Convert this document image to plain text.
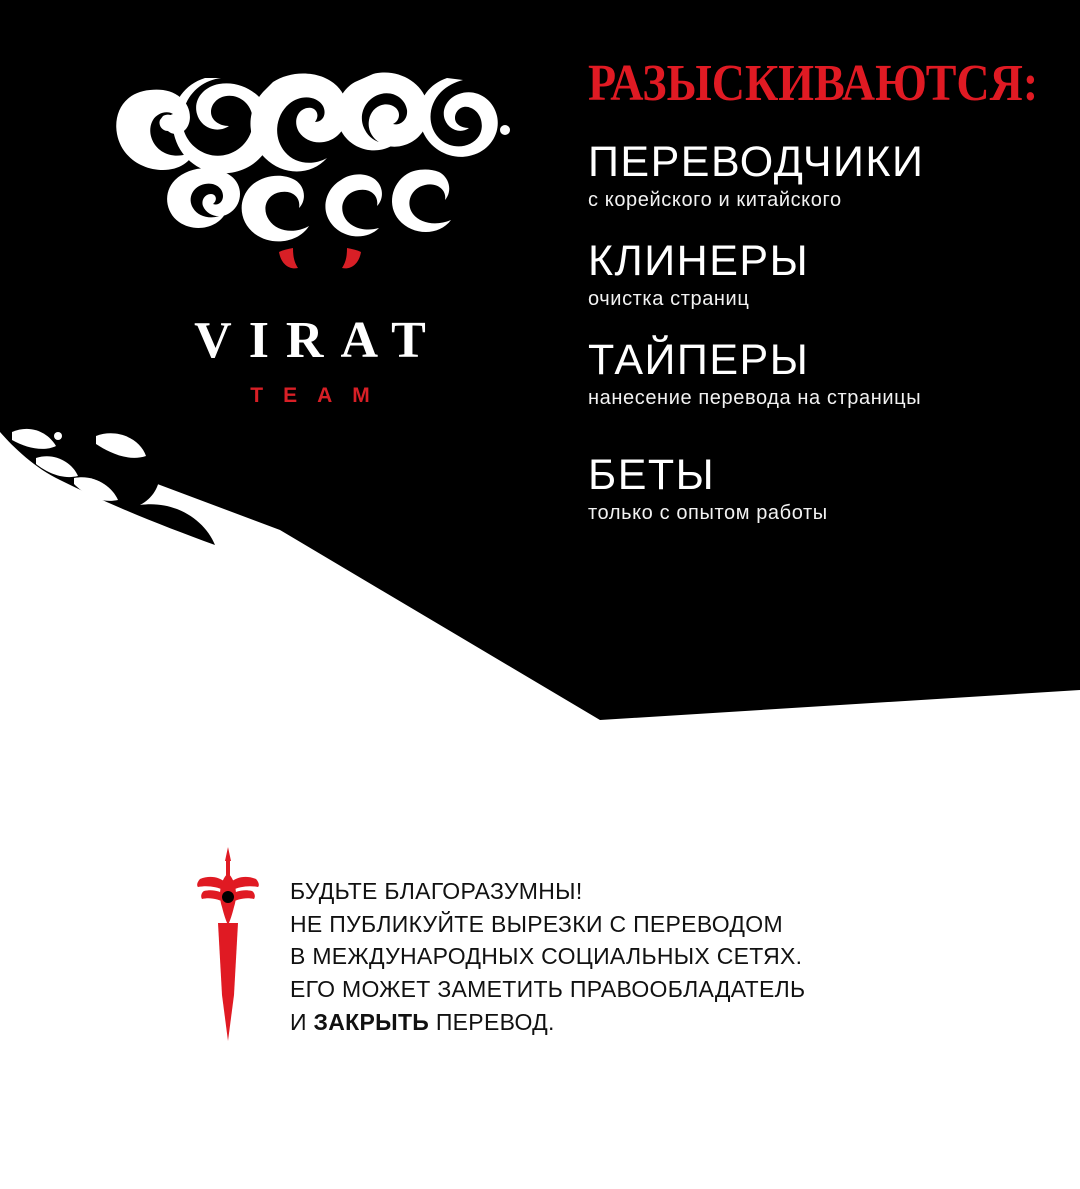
VIRAT
TEAM
РАЗЫСКИВАЮТСЯ:
ПЕРЕВОДЧИКИ
с корейского и китайского
КЛИНЕРЫ
очистка страниц
ТАЙПЕРЫ
нанесение перевода на страницы
БЕТЫ
только с опытом работы
БУДЬТЕ БЛАГОРАЗУМНЫ!
НЕ ПУБЛИКУЙТЕ ВЫРЕЗКИ С ПЕРЕВОДОМ
В МЕЖДУНАРОДНЫХ СОЦИАЛЬНЫХ СЕТЯХ.
ЕГО МОЖЕТ ЗАМЕТИТЬ ПРАВООБЛАДАТЕЛЬ
И ЗАКРЫТЬ ПЕРЕВОД.
